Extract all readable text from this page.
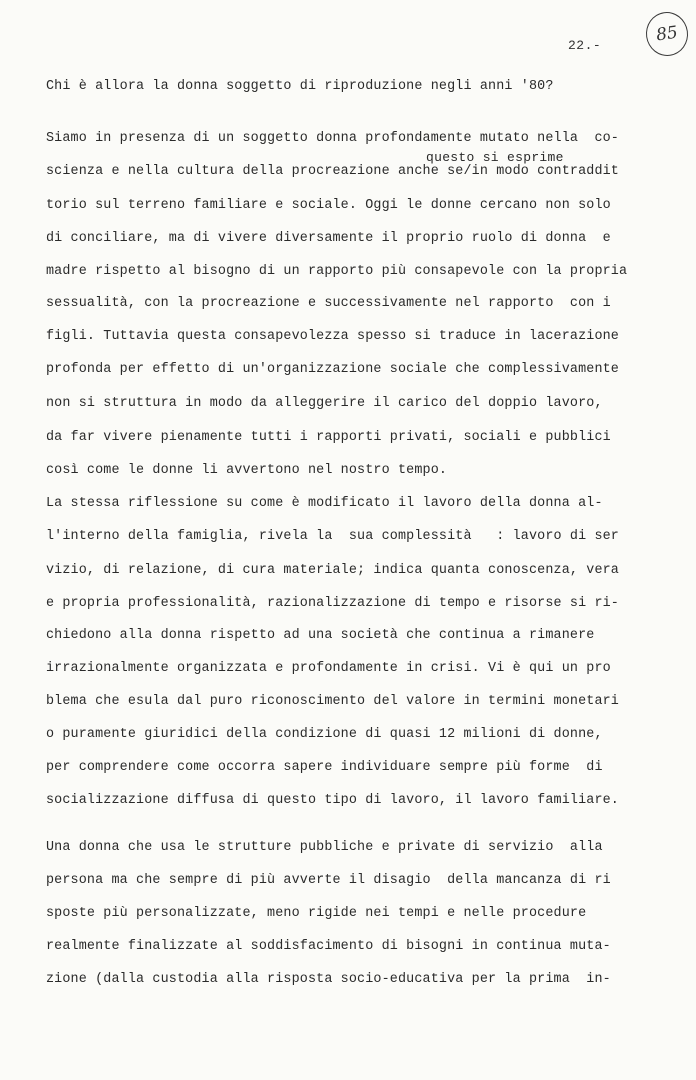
22.-
85
Chi è allora la donna soggetto di riproduzione negli anni '80?
questo si esprime
Siamo in presenza di un soggetto donna profondamente mutato nella  co-
scienza e nella cultura della procreazione anche se/in modo contraddit
torio sul terreno familiare e sociale. Oggi le donne cercano non solo
di conciliare, ma di vivere diversamente il proprio ruolo di donna  e
madre rispetto al bisogno di un rapporto più consapevole con la propria
sessualità, con la procreazione e successivamente nel rapporto  con i
figli. Tuttavia questa consapevolezza spesso si traduce in lacerazione
profonda per effetto di un'organizzazione sociale che complessivamente
non si struttura in modo da alleggerire il carico del doppio lavoro,
da far vivere pienamente tutti i rapporti privati, sociali e pubblici
così come le donne li avvertono nel nostro tempo.
La stessa riflessione su come è modificato il lavoro della donna al-
l'interno della famiglia, rivela la  sua complessità   : lavoro di ser
vizio, di relazione, di cura materiale; indica quanta conoscenza, vera
e propria professionalità, razionalizzazione di tempo e risorse si ri-
chiedono alla donna rispetto ad una società che continua a rimanere
irrazionalmente organizzata e profondamente in crisi. Vi è qui un pro
blema che esula dal puro riconoscimento del valore in termini monetari
o puramente giuridici della condizione di quasi 12 milioni di donne,
per comprendere come occorra sapere individuare sempre più forme  di
socializzazione diffusa di questo tipo di lavoro, il lavoro familiare.
Una donna che usa le strutture pubbliche e private di servizio  alla
persona ma che sempre di più avverte il disagio  della mancanza di ri
sposte più personalizzate, meno rigide nei tempi e nelle procedure
realmente finalizzate al soddisfacimento di bisogni in continua muta-
zione (dalla custodia alla risposta socio-educativa per la prima  in-
